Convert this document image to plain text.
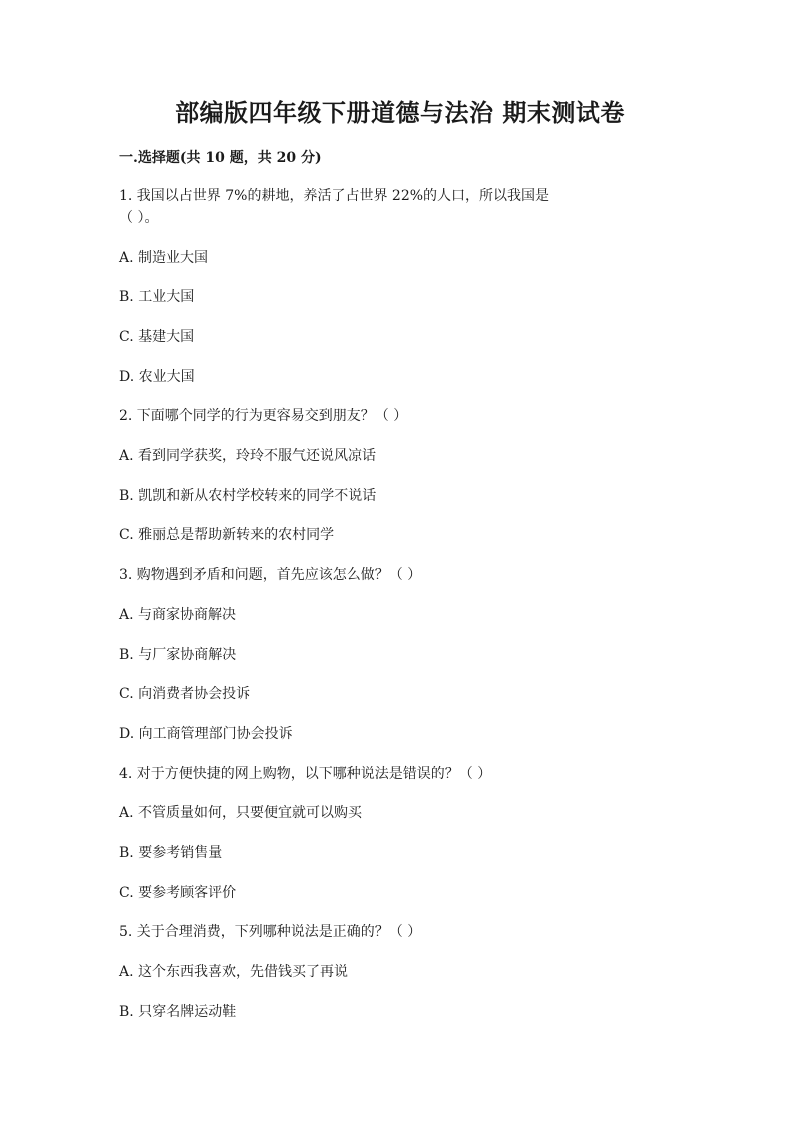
部编版四年级下册道德与法治 期末测试卷
一.选择题(共 10 题，共 20 分)

1. 我国以占世界 7%的耕地，养活了占世界 22%的人口，所以我国是

（ ）。

A. 制造业大国

B. 工业大国

C. 基建大国

D. 农业大国

2. 下面哪个同学的行为更容易交到朋友？（ ）

A. 看到同学获奖，玲玲不服气还说风凉话

B. 凯凯和新从农村学校转来的同学不说话

C. 雅丽总是帮助新转来的农村同学

3. 购物遇到矛盾和问题，首先应该怎么做？（ ）

A. 与商家协商解决

B. 与厂家协商解决

C. 向消费者协会投诉

D. 向工商管理部门协会投诉

4. 对于方便快捷的网上购物，以下哪种说法是错误的？（ ）

A. 不管质量如何，只要便宜就可以购买

B. 要参考销售量

C. 要参考顾客评价

5. 关于合理消费，下列哪种说法是正确的？（ ）

A. 这个东西我喜欢，先借钱买了再说

B. 只穿名牌运动鞋
